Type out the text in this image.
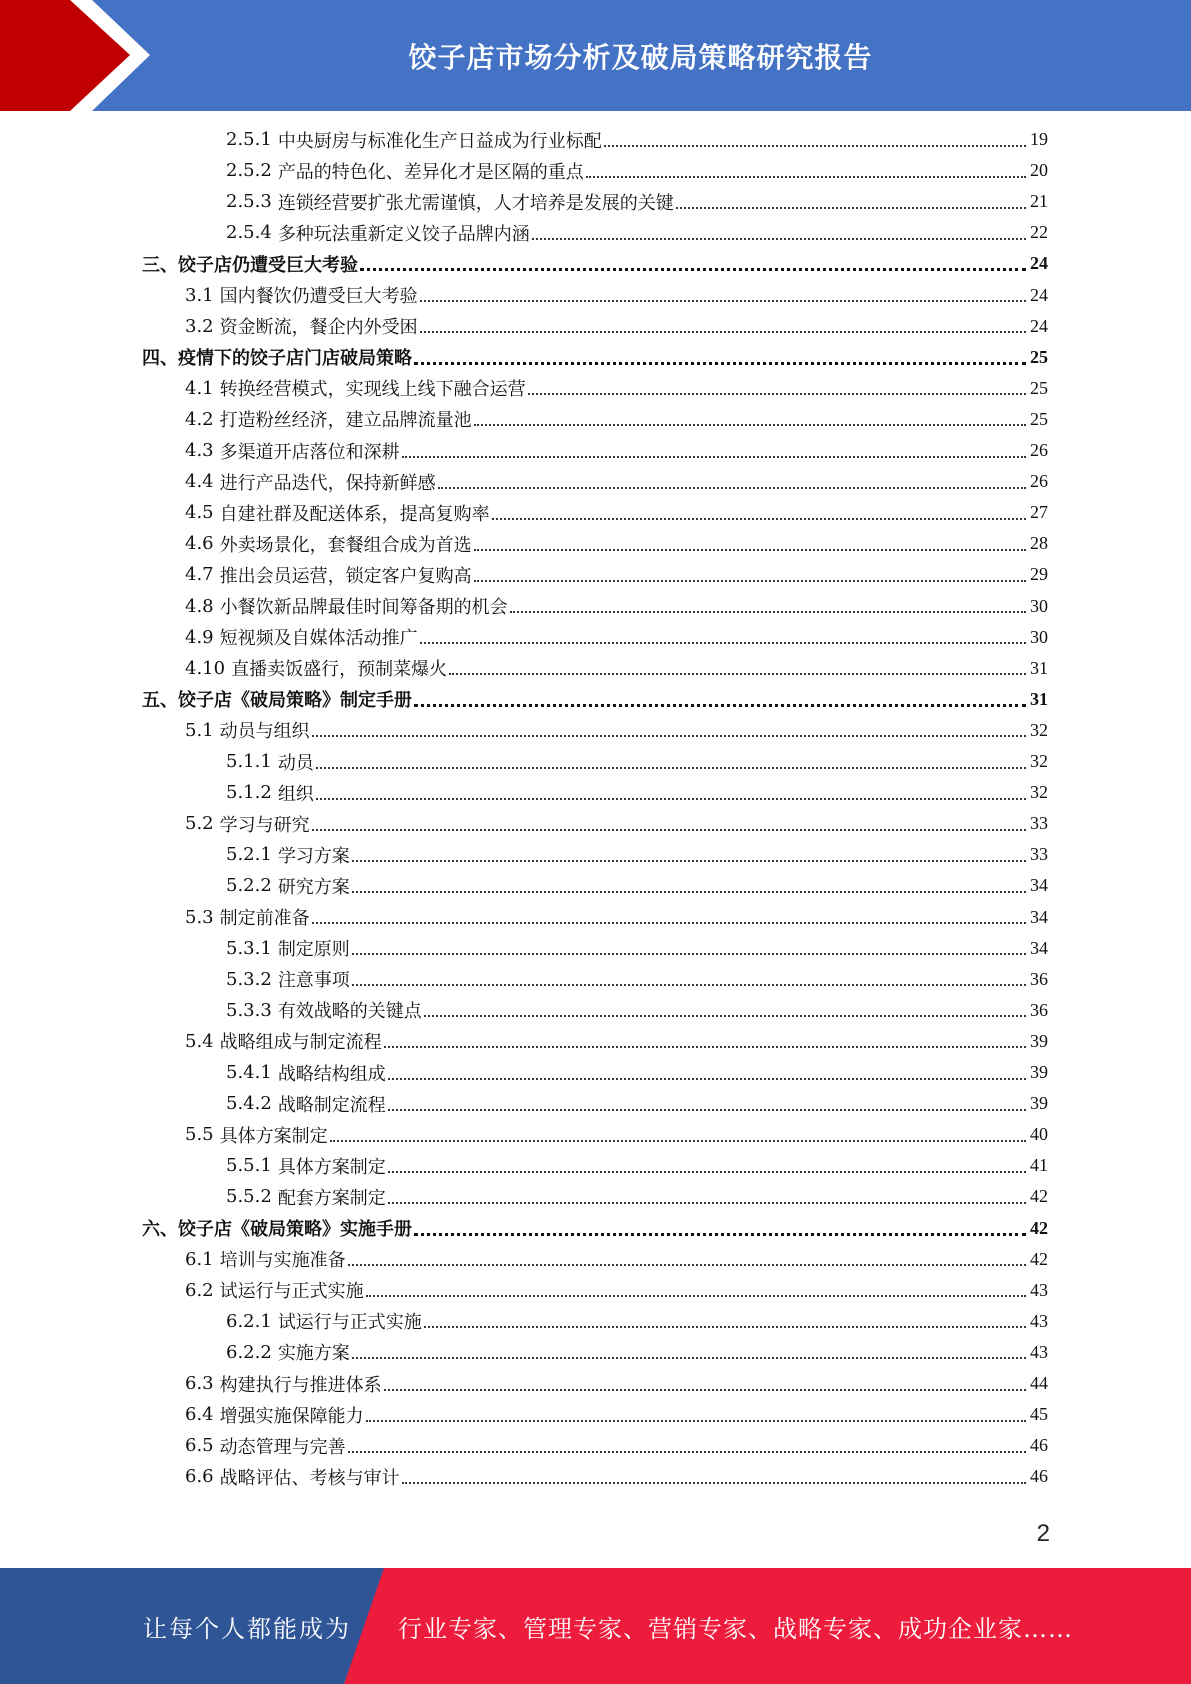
饺子店市场分析及破局策略研究报告
2.5.1 中央厨房与标准化生产日益成为行业标配	19
2.5.2 产品的特色化、差异化才是区隔的重点	20
2.5.3 连锁经营要扩张尤需谨慎，人才培养是发展的关键	21
2.5.4 多种玩法重新定义饺子品牌内涵	22
三、饺子店仍遭受巨大考验	24
3.1 国内餐饮仍遭受巨大考验	24
3.2 资金断流，餐企内外受困	24
四、疫情下的饺子店门店破局策略	25
4.1 转换经营模式，实现线上线下融合运营	25
4.2 打造粉丝经济，建立品牌流量池	25
4.3 多渠道开店落位和深耕	26
4.4 进行产品迭代，保持新鲜感	26
4.5 自建社群及配送体系，提高复购率	27
4.6 外卖场景化，套餐组合成为首选	28
4.7 推出会员运营，锁定客户复购高	29
4.8 小餐饮新品牌最佳时间筹备期的机会	30
4.9 短视频及自媒体活动推广	30
4.10 直播卖饭盛行，预制菜爆火	31
五、饺子店《破局策略》制定手册	31
5.1 动员与组织	32
5.1.1 动员	32
5.1.2 组织	32
5.2 学习与研究	33
5.2.1 学习方案	33
5.2.2 研究方案	34
5.3 制定前准备	34
5.3.1 制定原则	34
5.3.2 注意事项	36
5.3.3 有效战略的关键点	36
5.4 战略组成与制定流程	39
5.4.1 战略结构组成	39
5.4.2 战略制定流程	39
5.5 具体方案制定	40
5.5.1 具体方案制定	41
5.5.2 配套方案制定	42
六、饺子店《破局策略》实施手册	42
6.1 培训与实施准备	42
6.2 试运行与正式实施	43
6.2.1 试运行与正式实施	43
6.2.2 实施方案	43
6.3 构建执行与推进体系	44
6.4 增强实施保障能力	45
6.5 动态管理与完善	46
6.6 战略评估、考核与审计	46
2
让每个人都能成为 行业专家、管理专家、营销专家、战略专家、成功企业家……
